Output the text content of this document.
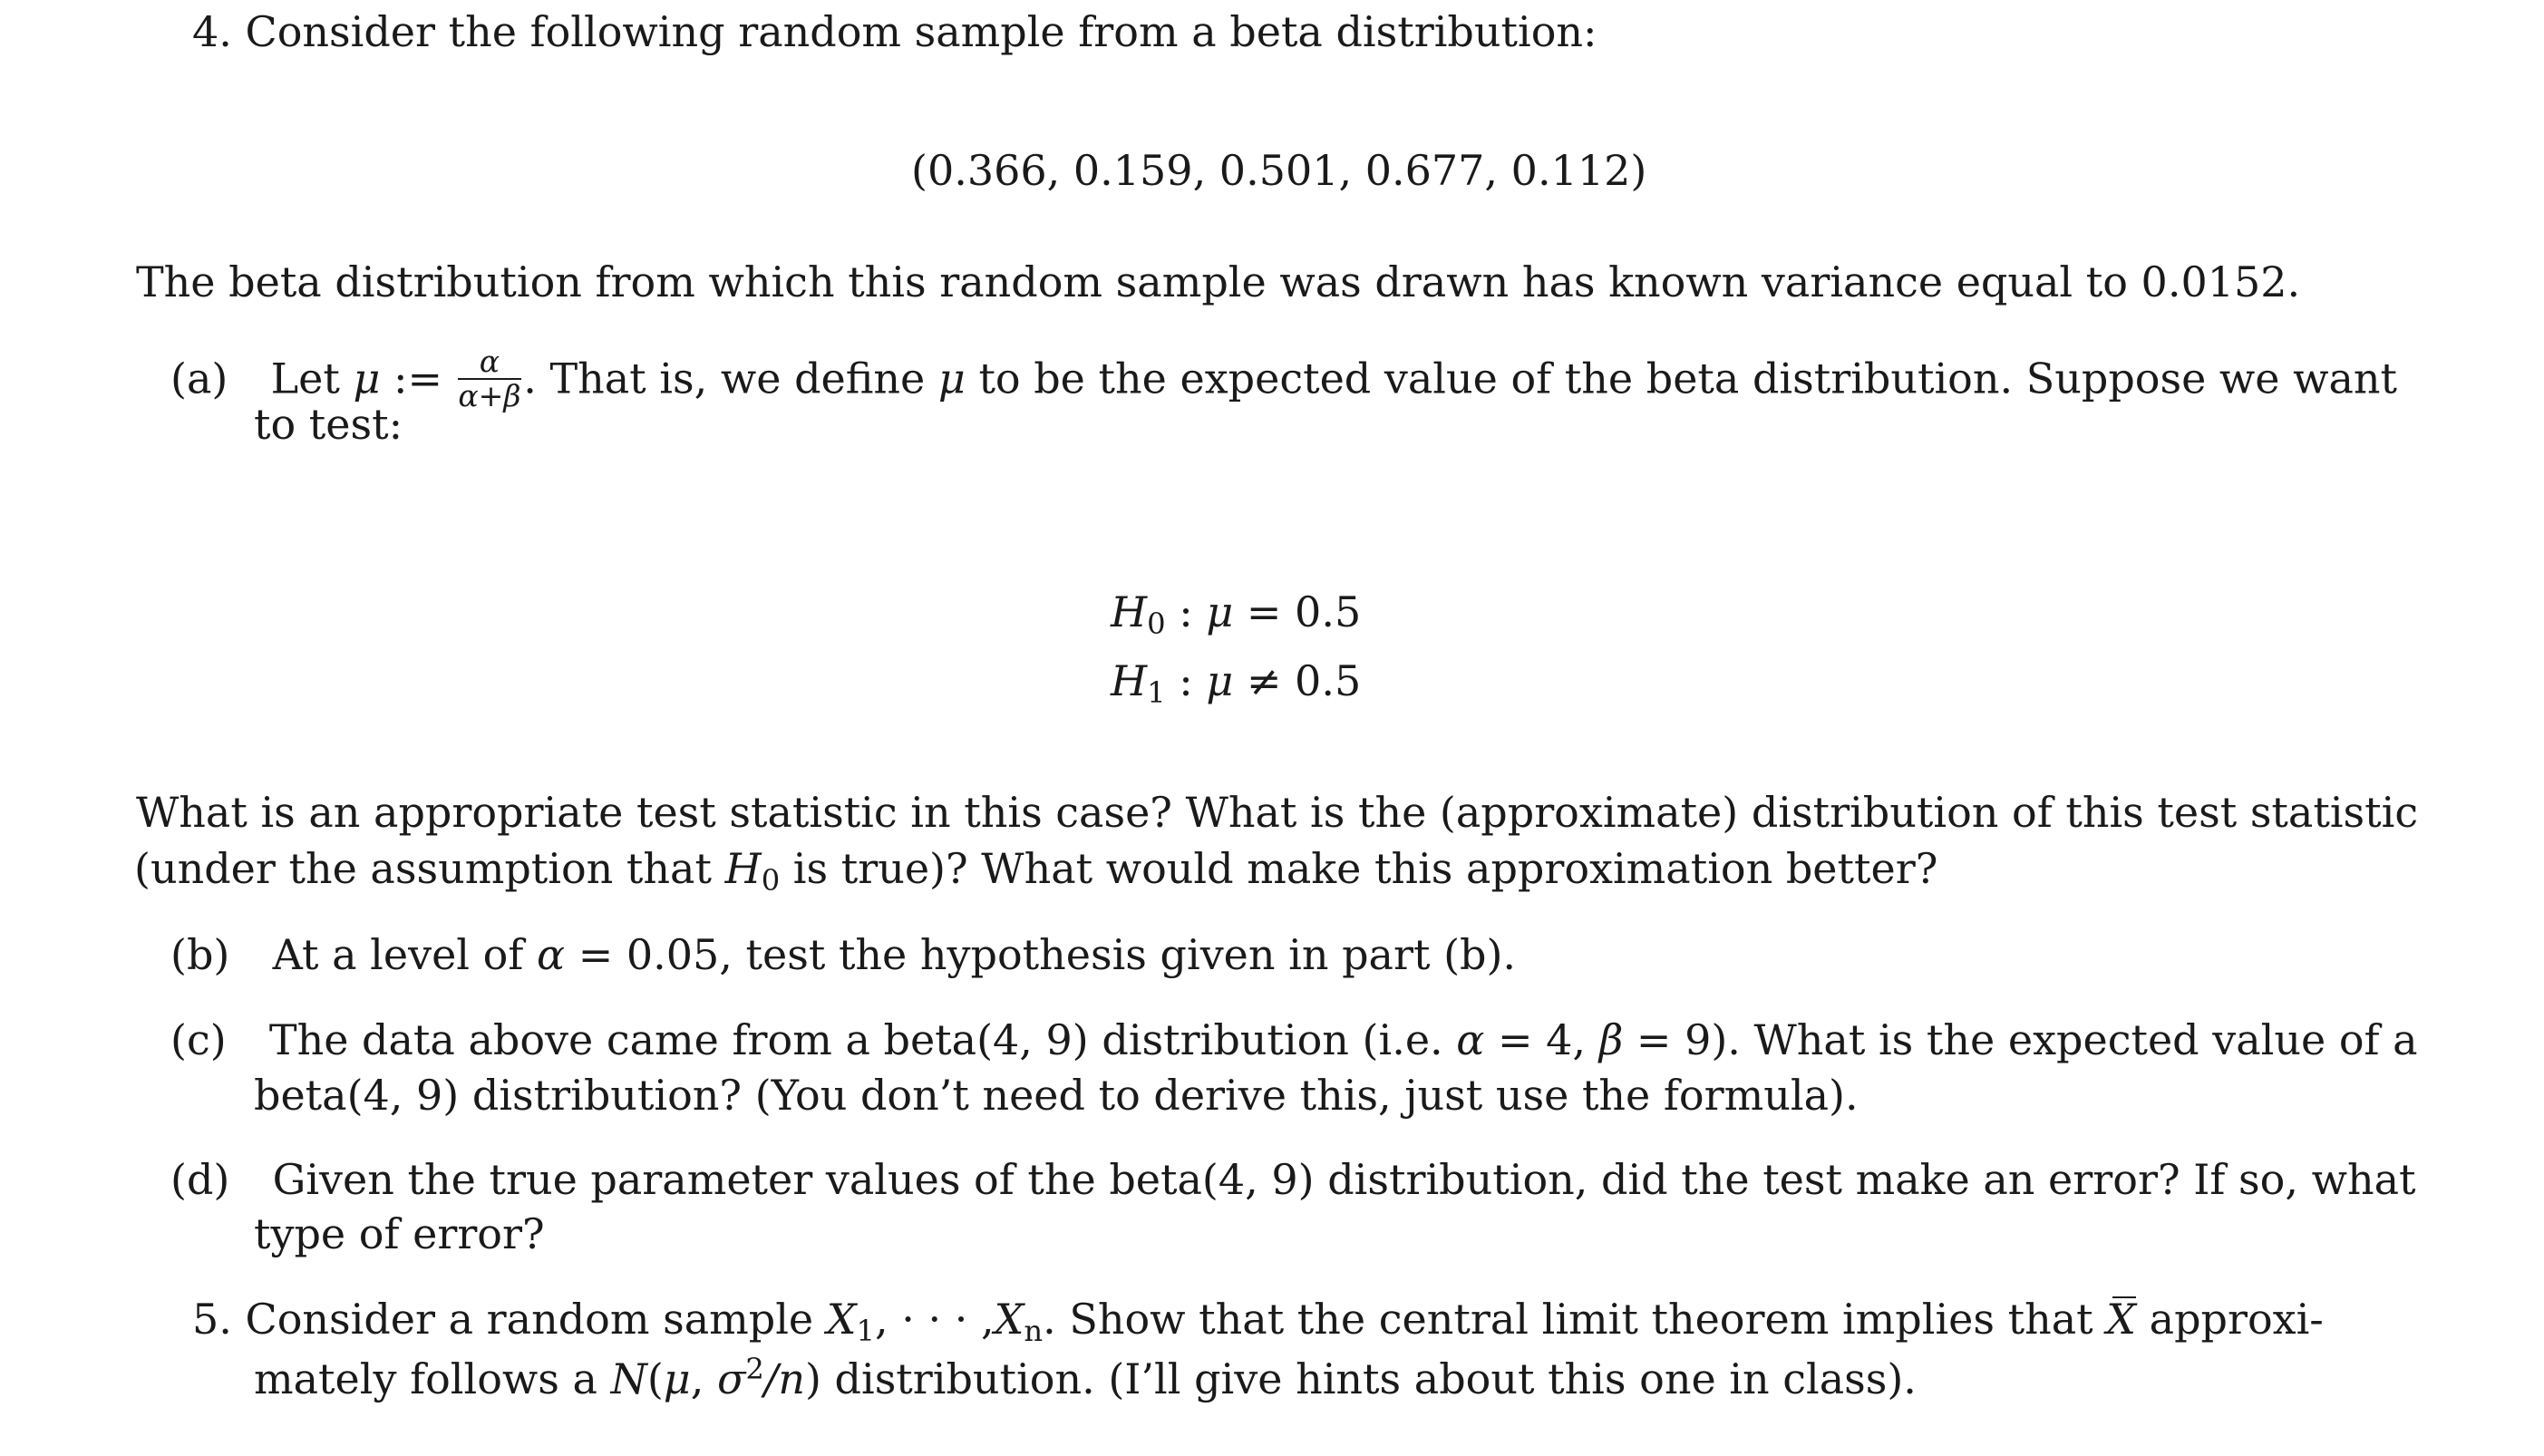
4. Consider the following random sample from a beta distribution:
(0.366, 0.159, 0.501, 0.677, 0.112)
The beta distribution from which this random sample was drawn has known variance equal to 0.0152.
(a) Let μ := $\frac{\alpha}{\alpha+\beta}$ . That is, we define μ to be the expected value of the beta distribution. Suppose we want
to test:
$H_0$ : μ = 0.5
$H_1$ : μ ≠ 0.5
What is an appropriate test statistic in this case? What is the (approximate) distribution of this test statistic
(under the assumption that $H_0$ is true)? What would make this approximation better?
(b) At a level of α = 0.05, test the hypothesis given in part (b).
(c) The data above came from a beta(4, 9) distribution (i.e. α = 4, β = 9). What is the expected value of a
beta(4, 9) distribution? (You don’t need to derive this, just use the formula).
(d) Given the true parameter values of the beta(4, 9) distribution, did the test make an error? If so, what
type of error?
5. Consider a random sample $X_1$, · · · $,X_n$. Show that the central limit theorem implies that X approxi-
mately follows a N(μ, $\sigma^2/n$) distribution. (I’ll give hints about this one in class).
